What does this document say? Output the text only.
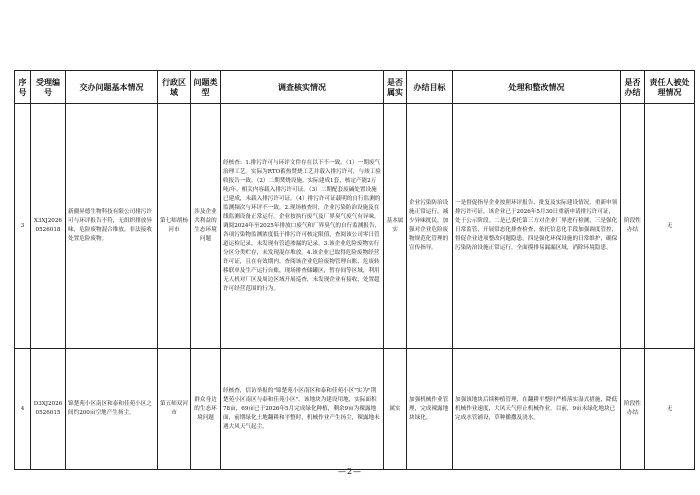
序号	受理编号	交办问题基本情况	行政区域	问题类型	调查核实情况	是否属实	办结目标	处理和整改情况	是否办结	责任人被处理情况
3	X3XJ20260526018	新疆昇德生物科技有限公司排污许可与环评报告不符，无组织排放异味，危险废物混合堆放，非法接收处置危险废物。	第七师胡杨河市	涉及企业共利益的生态环境问题	经核查：1.排污许可与环评文件存在以下不一致。（1）一期废气治理工艺。实际为RTO蓄热焚烧工艺并载入排污许可，与竣工验收报告一致。（2）二期焚烧设施。实际建成1套，核定产能2万吨/年，相关内容载入排污许可证。（3）二期配套废碱处置设施已建成，未载入排污许可证。（4）排污许可证载明的自行监测的监测频次与环评不一致。2.现场核查时，企业污染防治设施及在线监测设备正常运行。企业按执行废气及厂界臭气废气有异味。调阅2024年至2025年排放口废气和厂界臭气的自行监测报告，各项污染物监测浓度低于排污许可核定限值，查阅该公司零日管道运检记录，未发现有管道渗漏的记录。3.该企业危险废物实行分区分类贮存，未发现混存堆放。4.该企业已取得危险废物经营许可证，且在有效期内。查阅该企业危险废物管理台账、危废转移联单及生产运行台账，现场排查储罐区，暂存间等区域，利用无人机对厂区及周边区域开展巡查，未发现企业有接收、处置超许可经营范围的行为。	基本属实	企业污染防治设施正常运行，减少异味扰民，加强对企业危险废物规范化管理的宣传指导。	一是督促指导企业按照环评报告、批复及实际建设情况，重新申领排污许可证，该企业已于2026年5月30日重新申请排污许可证，处于公示阶段。二是已委托第三方对企业厂界进行检测，三是强化日常监管，开展常态化排查检查，依托信息化手段加强调度管控，督促企业进项整改问题隐患。四是强化环保设施的日常维护，确保污染防治设施正常运行，全面摸排易漏漏区域，消除环境隐患。	阶段性办结	无
4	D3XJ20260526015	锦楚苑小区南区和泰和佳苑小区之间约200亩空地产生扬尘。	第五师双河市	群众身边的生态环境问题	经核查，信访举报的"锦楚苑小区南区和泰和佳苑小区"实为"荆楚苑小区南区与泰和佳苑小区"。该地块为建设用地，实际面积78亩，69亩已于2026年5月完成绿化种植，剩余9亩为裸露地面，前期绿化土地翻耕和平整时，机械作业产生扬尘，裸露地未遇大风天气起尘。	属实	加强机械作业管理，完成裸露地块绿化。	加强该地块后续种植管理，在翻耕平整时严格落实湿式措施，降低机械作业速度，大风天气停止机械作业。目前，9亩未绿化地块已完成水管铺设，草种播撒及浇水。	阶段性办结	无
—2—
